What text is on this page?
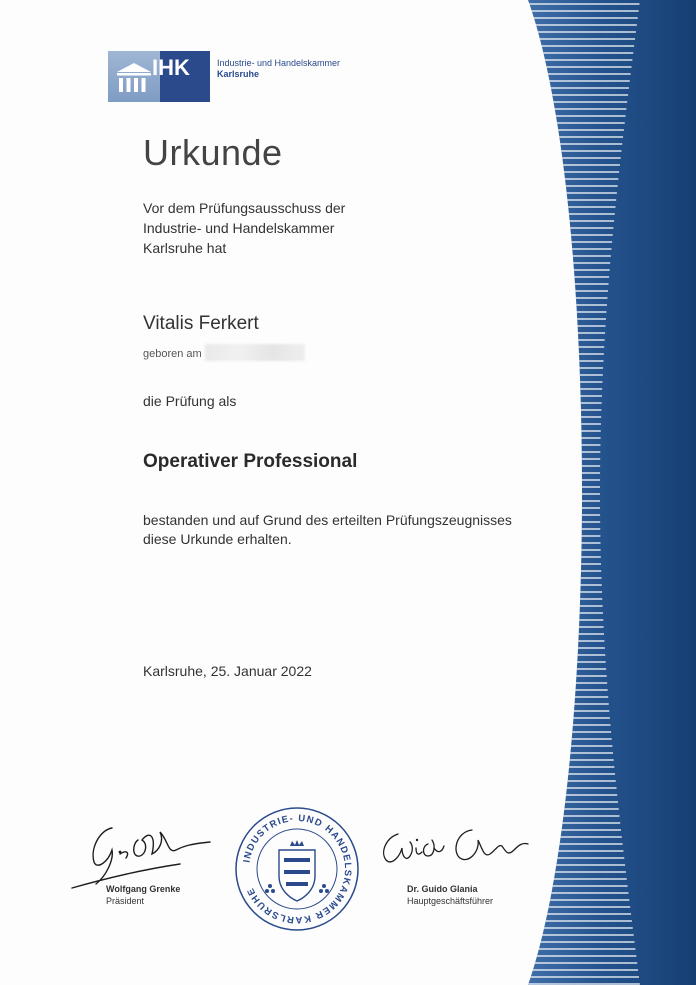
IHK	Industrie- und Handelskammer
Karlsruhe
Urkunde
Vor dem Prüfungsausschuss der
Industrie- und Handelskammer
Karlsruhe hat
Vitalis Ferkert
geboren am
die Prüfung als
Operativer Professional
bestanden und auf Grund des erteilten Prüfungszeugnisses
diese Urkunde erhalten.
Karlsruhe, 25. Januar 2022
Wolfgang Grenke
Präsident
INDUSTRIE- UND HANDELSKAMMER KARLSRUHE	Dr. Guido Glania
Hauptgeschäftsführer
